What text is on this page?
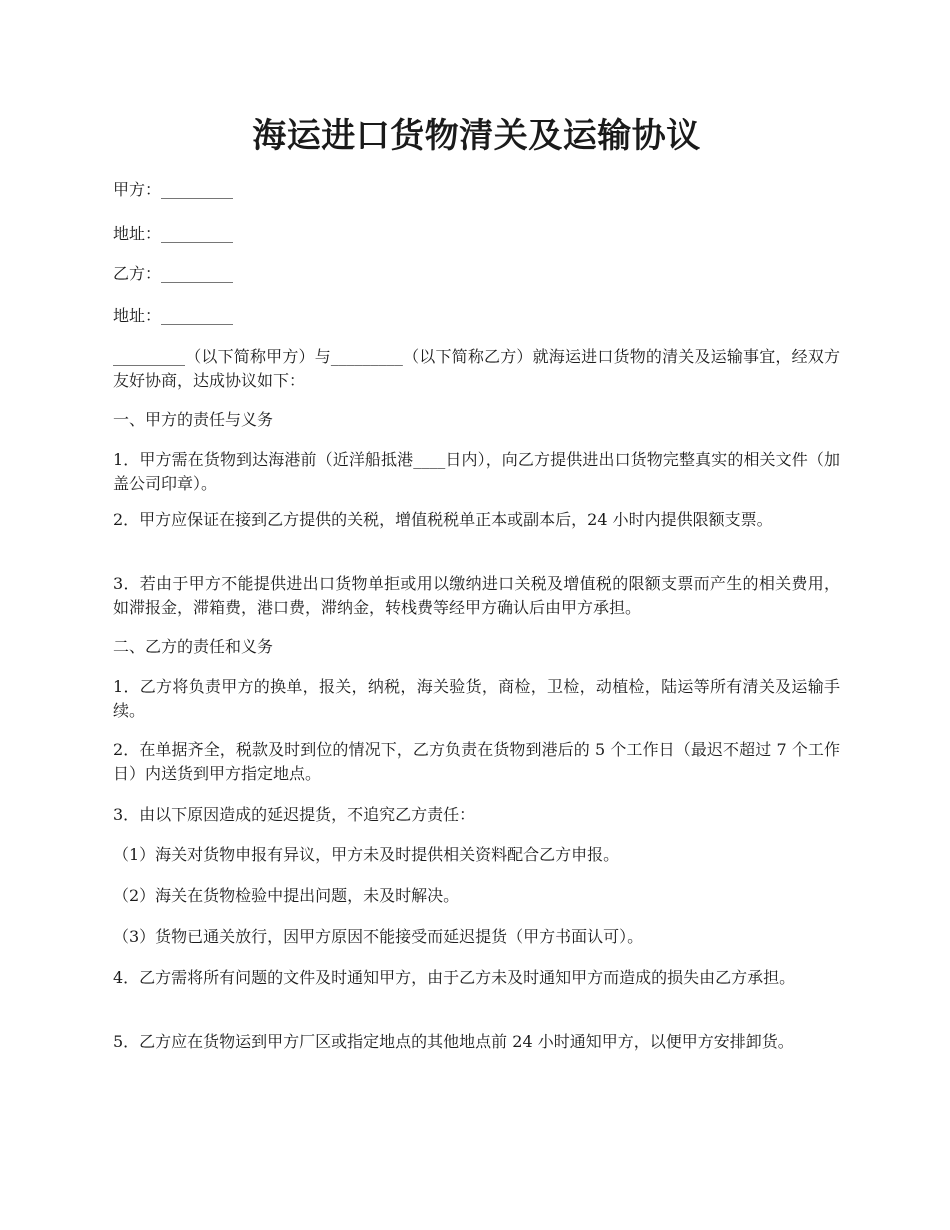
海运进口货物清关及运输协议

甲方：_________

地址：_________

乙方：_________

地址：_________

_________（以下简称甲方）与_________（以下简称乙方）就海运进口货物的清关及运输事宜，经双方友好协商，达成协议如下：

一、甲方的责任与义务

1．甲方需在货物到达海港前（近洋船抵港____日内），向乙方提供进出口货物完整真实的相关文件（加盖公司印章）。

2．甲方应保证在接到乙方提供的关税，增值税税单正本或副本后，24 小时内提供限额支票。

3．若由于甲方不能提供进出口货物单拒或用以缴纳进口关税及增值税的限额支票而产生的相关费用，如滞报金，滞箱费，港口费，滞纳金，转栈费等经甲方确认后由甲方承担。

二、乙方的责任和义务

1．乙方将负责甲方的换单，报关，纳税，海关验货，商检，卫检，动植检，陆运等所有清关及运输手续。

2．在单据齐全，税款及时到位的情况下，乙方负责在货物到港后的 5 个工作日（最迟不超过 7 个工作日）内送货到甲方指定地点。

3．由以下原因造成的延迟提货，不追究乙方责任：

（1）海关对货物申报有异议，甲方未及时提供相关资料配合乙方申报。

（2）海关在货物检验中提出问题，未及时解决。

（3）货物已通关放行，因甲方原因不能接受而延迟提货（甲方书面认可）。

4．乙方需将所有问题的文件及时通知甲方，由于乙方未及时通知甲方而造成的损失由乙方承担。

5．乙方应在货物运到甲方厂区或指定地点的其他地点前 24 小时通知甲方，以便甲方安排卸货。
